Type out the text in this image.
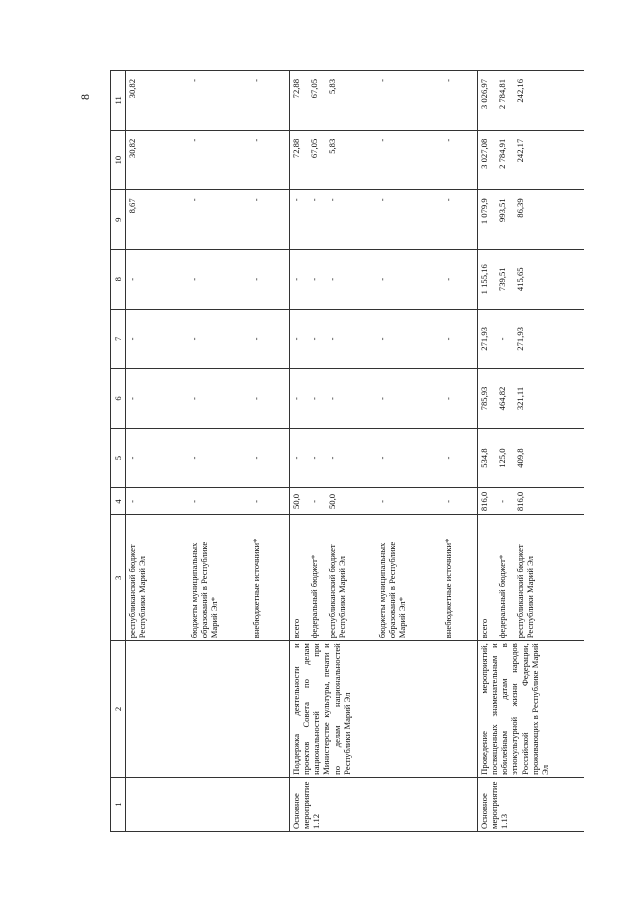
8
1	2	3	4	5	6	7	8	9	10	11
		республиканский бюджет Республики Марий Эл	-	-	-	-	-	8,67	30,82	30,82
		бюджеты муниципальных образований в Республике Марий Эл*	-	-	-	-	-	-	-	-
		внебюджетные источники*	-	-	-	-	-	-	-	-
Основное мероприятие 1.12	Поддержка деятельности и проектов Совета по делам национальностей при Министерстве культуры, печати и по делам национальностей Республики Марий Эл	всего	50,0	-	-	-	-	-	72,88	72,88
		федеральный бюджет*	-	-	-	-	-	-	67,05	67,05
		республиканский бюджет Республики Марий Эл	50,0	-	-	-	-	-	5,83	5,83
		бюджеты муниципальных образований в Республике Марий Эл*	-	-	-	-	-	-	-	-
		внебюджетные источники*	-	-	-	-	-	-	-	-
Основное мероприятие 1.13	Проведение мероприятий, посвященных знаменательным и юбилейным датам в этнокультурной жизни народов Российской Федерации, проживающих в Республике Марий Эл	всего	816,0	534,8	785,93	271,93	1 155,16	1 079,9	3 027,08	3 026,97
		федеральный бюджет*	-	125,0	464,82	-	739,51	993,51	2 784,91	2 784,81
		республиканский бюджет Республики Марий Эл	816,0	409,8	321,11	271,93	415,65	86,39	242,17	242,16
